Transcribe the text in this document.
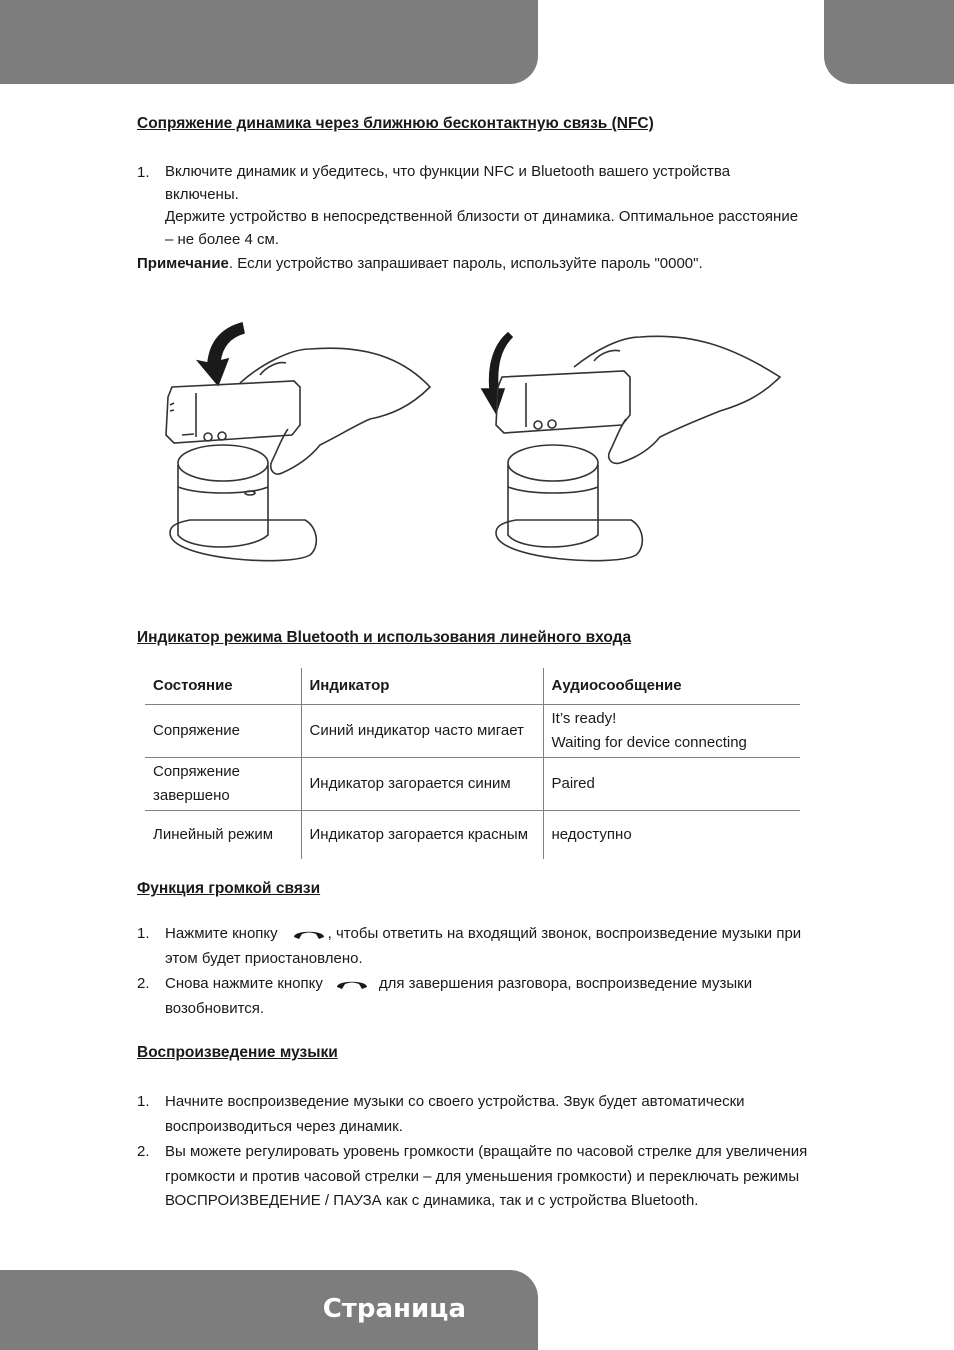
Сопряжение динамика через ближнюю бесконтактную связь (NFC)
1. Включите динамик и убедитесь, что функции NFC и Bluetooth вашего устройства включены.
Держите устройство в непосредственной близости от динамика. Оптимальное расстояние – не более 4 см.
Примечание. Если устройство запрашивает пароль, используйте пароль "0000".
Индикатор режима Bluetooth и использования линейного входа
Состояние	Индикатор	Аудиосообщение
Сопряжение	Синий индикатор часто мигает	It’s ready!
Waiting for device connecting

Сопряжение завершено	Индикатор загорается синим	Paired
Линейный режим	Индикатор загорается красным	недоступно
Функция громкой связи
1. Нажмите кнопку	, чтобы ответить на входящий звонок, воспроизведение музыки при этом будет приостановлено.
2. Снова нажмите кнопку	для завершения разговора, воспроизведение музыки возобновится.
Воспроизведение музыки
1. Начните воспроизведение музыки со своего устройства. Звук будет автоматически воспроизводиться через динамик.
2. Вы можете регулировать уровень громкости (вращайте по часовой стрелке для увеличения громкости и против часовой стрелки – для уменьшения громкости) и переключать режимы ВОСПРОИЗВЕДЕНИЕ / ПАУЗА как с динамика, так и с устройства Bluetooth.
Страница
